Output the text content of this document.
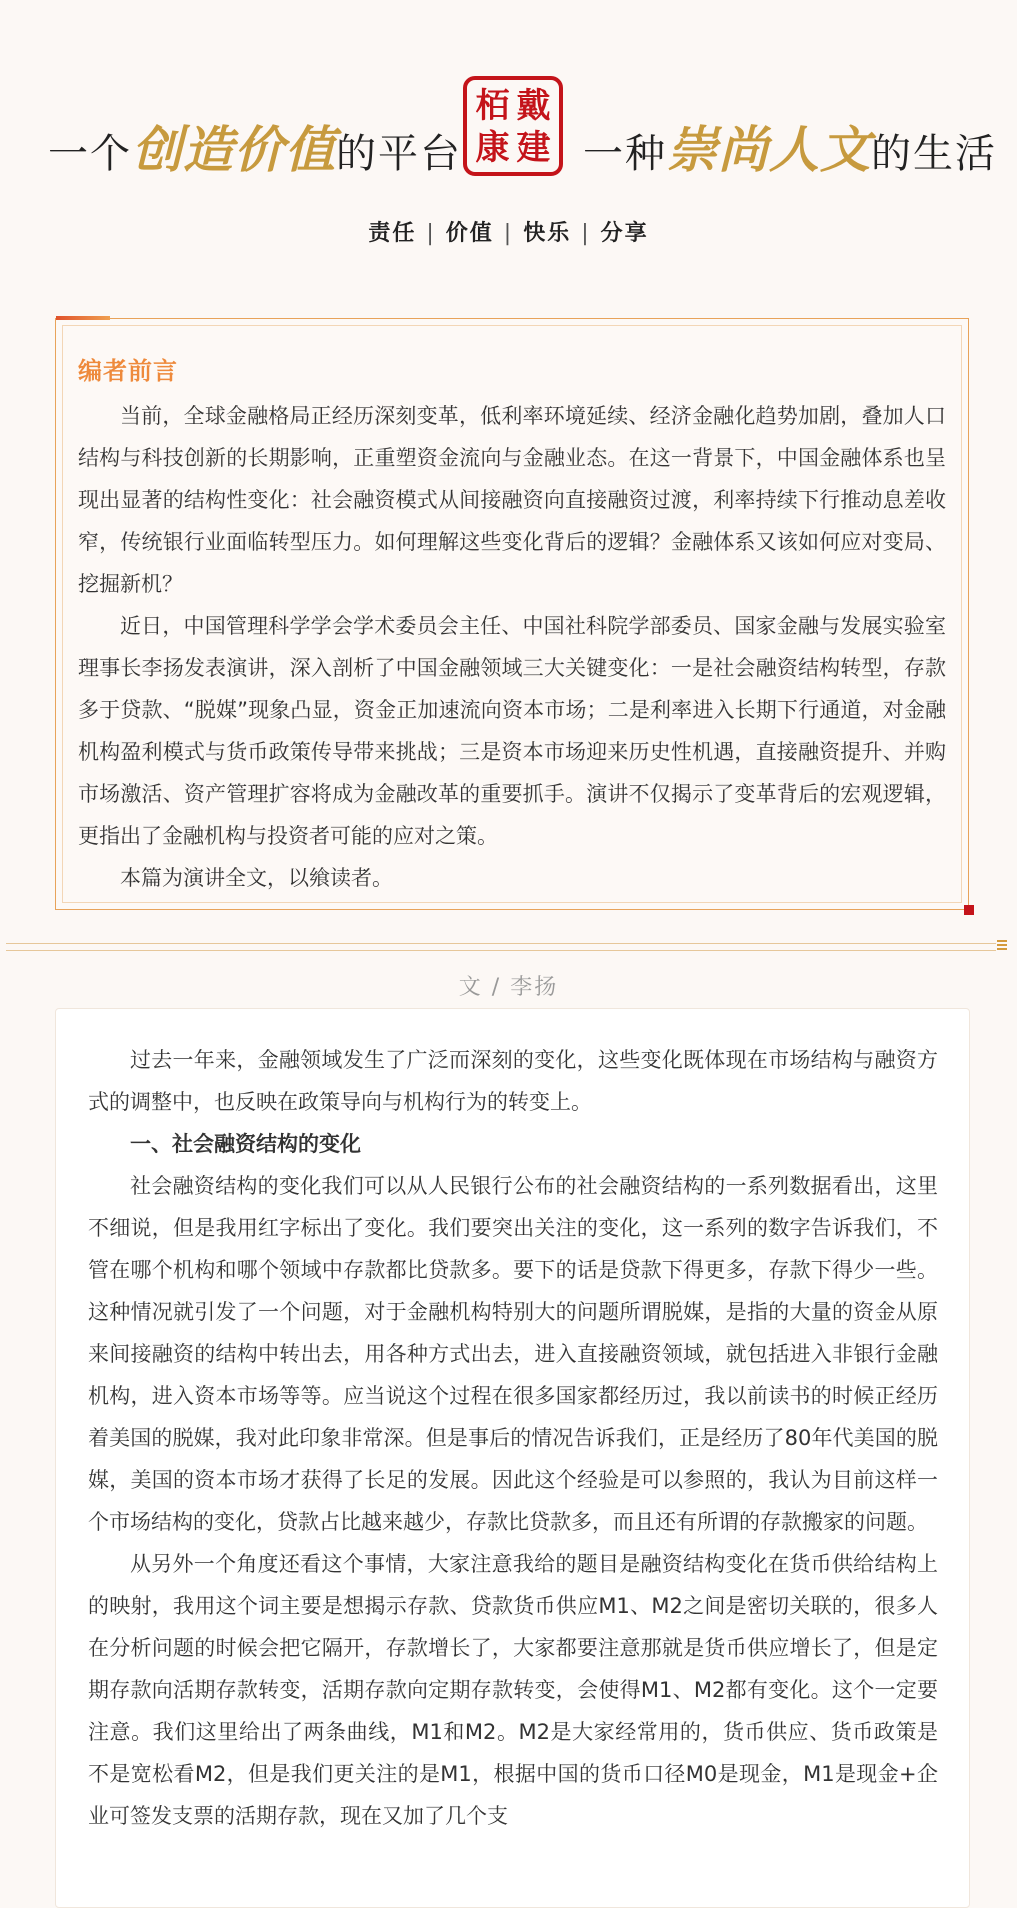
一个创造价值的平台
栢 戴
康 建 一种崇尚人文的生活
责任 | 价值 | 快乐 | 分享
编者前言

当前，全球金融格局正经历深刻变革，低利率环境延续、经济金融化趋势加剧，叠加人口结构与科技创新的长期影响，正重塑资金流向与金融业态。在这一背景下，中国金融体系也呈现出显著的结构性变化：社会融资模式从间接融资向直接融资过渡，利率持续下行推动息差收窄，传统银行业面临转型压力。如何理解这些变化背后的逻辑？金融体系又该如何应对变局、挖掘新机？

近日，中国管理科学学会学术委员会主任、中国社科院学部委员、国家金融与发展实验室理事长李扬发表演讲，深入剖析了中国金融领域三大关键变化：一是社会融资结构转型，存款多于贷款、“脱媒”现象凸显，资金正加速流向资本市场；二是利率进入长期下行通道，对金融机构盈利模式与货币政策传导带来挑战；三是资本市场迎来历史性机遇，直接融资提升、并购市场激活、资产管理扩容将成为金融改革的重要抓手。演讲不仅揭示了变革背后的宏观逻辑，更指出了金融机构与投资者可能的应对之策。

本篇为演讲全文，以飨读者。

文 / 李扬

过去一年来，金融领域发生了广泛而深刻的变化，这些变化既体现在市场结构与融资方式的调整中，也反映在政策导向与机构行为的转变上。

一、社会融资结构的变化

社会融资结构的变化我们可以从人民银行公布的社会融资结构的一系列数据看出，这里不细说，但是我用红字标出了变化。我们要突出关注的变化，这一系列的数字告诉我们，不管在哪个机构和哪个领域中存款都比贷款多。要下的话是贷款下得更多，存款下得少一些。这种情况就引发了一个问题，对于金融机构特别大的问题所谓脱媒，是指的大量的资金从原来间接融资的结构中转出去，用各种方式出去，进入直接融资领域，就包括进入非银行金融机构，进入资本市场等等。应当说这个过程在很多国家都经历过，我以前读书的时候正经历着美国的脱媒，我对此印象非常深。但是事后的情况告诉我们，正是经历了80年代美国的脱媒，美国的资本市场才获得了长足的发展。因此这个经验是可以参照的，我认为目前这样一个市场结构的变化，贷款占比越来越少，存款比贷款多，而且还有所谓的存款搬家的问题。

从另外一个角度还看这个事情，大家注意我给的题目是融资结构变化在货币供给结构上的映射，我用这个词主要是想揭示存款、贷款货币供应M1、M2之间是密切关联的，很多人在分析问题的时候会把它隔开，存款增长了，大家都要注意那就是货币供应增长了，但是定期存款向活期存款转变，活期存款向定期存款转变，会使得M1、M2都有变化。这个一定要注意。我们这里给出了两条曲线，M1和M2。M2是大家经常用的，货币供应、货币政策是不是宽松看M2，但是我们更关注的是M1，根据中国的货币口径M0是现金，M1是现金+企业可签发支票的活期存款，现在又加了几个支
